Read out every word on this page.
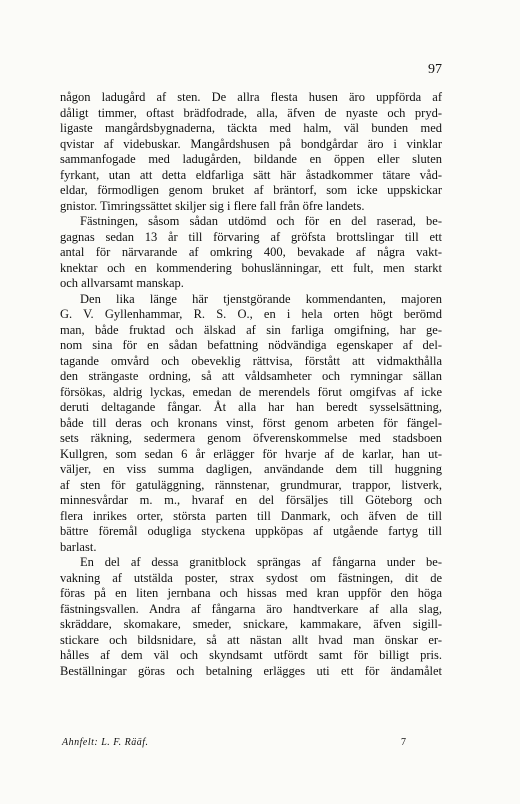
97
någon ladugård af sten. De allra flesta husen äro uppförda af
dåligt timmer, oftast brädfodrade, alla, äfven de nyaste och pryd-
ligaste mangårdsbygnaderna, täckta med halm, väl bunden med
qvistar af videbuskar. Mangårdshusen på bondgårdar äro i vinklar
sammanfogade med ladugården, bildande en öppen eller sluten
fyrkant, utan att detta eldfarliga sätt här åstadkommer tätare våd-
eldar, förmodligen genom bruket af bräntorf, som icke uppskickar
gnistor. Timringssättet skiljer sig i flere fall från öfre landets.
Fästningen, såsom sådan utdömd och för en del raserad, be-
gagnas sedan 13 år till förvaring af gröfsta brottslingar till ett
antal för närvarande af omkring 400, bevakade af några vakt-
knektar och en kommendering bohuslänningar, ett fult, men starkt
och allvarsamt manskap.
Den lika länge här tjenstgörande kommendanten, majoren
G. V. Gyllenhammar, R. S. O., en i hela orten högt berömd
man, både fruktad och älskad af sin farliga omgifning, har ge-
nom sina för en sådan befattning nödvändiga egenskaper af del-
tagande omvård och obeveklig rättvisa, förstått att vidmakthålla
den strängaste ordning, så att våldsamheter och rymningar sällan
försökas, aldrig lyckas, emedan de merendels förut omgifvas af icke
deruti deltagande fångar. Åt alla har han beredt sysselsättning,
både till deras och kronans vinst, först genom arbeten för fängel-
sets räkning, sedermera genom öfverenskommelse med stadsboen
Kullgren, som sedan 6 år erlägger för hvarje af de karlar, han ut-
väljer, en viss summa dagligen, användande dem till huggning
af sten för gatuläggning, rännstenar, grundmurar, trappor, listverk,
minnesvårdar m. m., hvaraf en del försäljes till Göteborg och
flera inrikes orter, största parten till Danmark, och äfven de till
bättre föremål odugliga styckena uppköpas af utgående fartyg till
barlast.
En del af dessa granitblock sprängas af fångarna under be-
vakning af utstälda poster, strax sydost om fästningen, dit de
föras på en liten jernbana och hissas med kran uppför den höga
fästningsvallen. Andra af fångarna äro handtverkare af alla slag,
skräddare, skomakare, smeder, snickare, kammakare, äfven sigill-
stickare och bildsnidare, så att nästan allt hvad man önskar er-
hålles af dem väl och skyndsamt utfördt samt för billigt pris.
Beställningar göras och betalning erlägges uti ett för ändamålet
Ahnfelt: L. F. Rääf.	7
